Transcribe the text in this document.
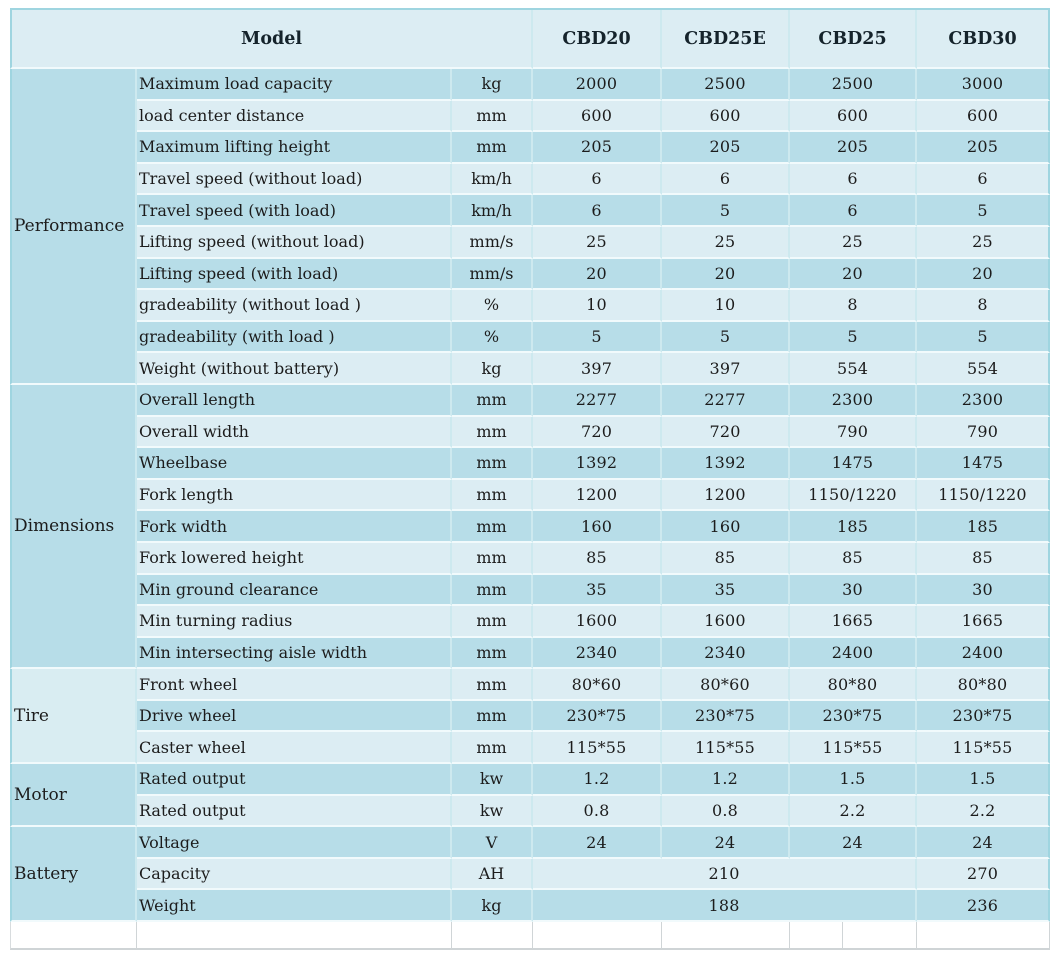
Model			CBD20	CBD25E	CBD25		CBD30
Performance	Maximum load capacity	kg	2000	2500	2500		3000
	load center distance	mm	600	600	600		600
	Maximum lifting height	mm	205	205	205		205
	Travel speed (without load)	km/h	6	6	6		6
	Travel speed (with load)	km/h	6	5	6		5
	Lifting speed (without load)	mm/s	25	25	25		25
	Lifting speed (with load)	mm/s	20	20	20		20
	gradeability (without load )	%	10	10	8		8
	gradeability (with load )	%	5	5	5		5
	Weight (without battery)	kg	397	397	554		554
Dimensions	Overall length	mm	2277	2277	2300		2300
	Overall width	mm	720	720	790		790
	Wheelbase	mm	1392	1392	1475		1475
	Fork length	mm	1200	1200	1150/1220		1150/1220
	Fork width	mm	160	160	185		185
	Fork lowered height	mm	85	85	85		85
	Min ground clearance	mm	35	35	30		30
	Min turning radius	mm	1600	1600	1665		1665
	Min intersecting aisle width	mm	2340	2340	2400		2400
Tire	Front wheel	mm	80*60	80*60	80*80		80*80
	Drive wheel	mm	230*75	230*75	230*75		230*75
	Caster wheel	mm	115*55	115*55	115*55		115*55
Motor	Rated output	kw	1.2	1.2	1.5		1.5
	Rated output	kw	0.8	0.8	2.2		2.2
Battery	Voltage	V	24	24	24		24
	Capacity	AH	210				270
	Weight	kg	188				236
